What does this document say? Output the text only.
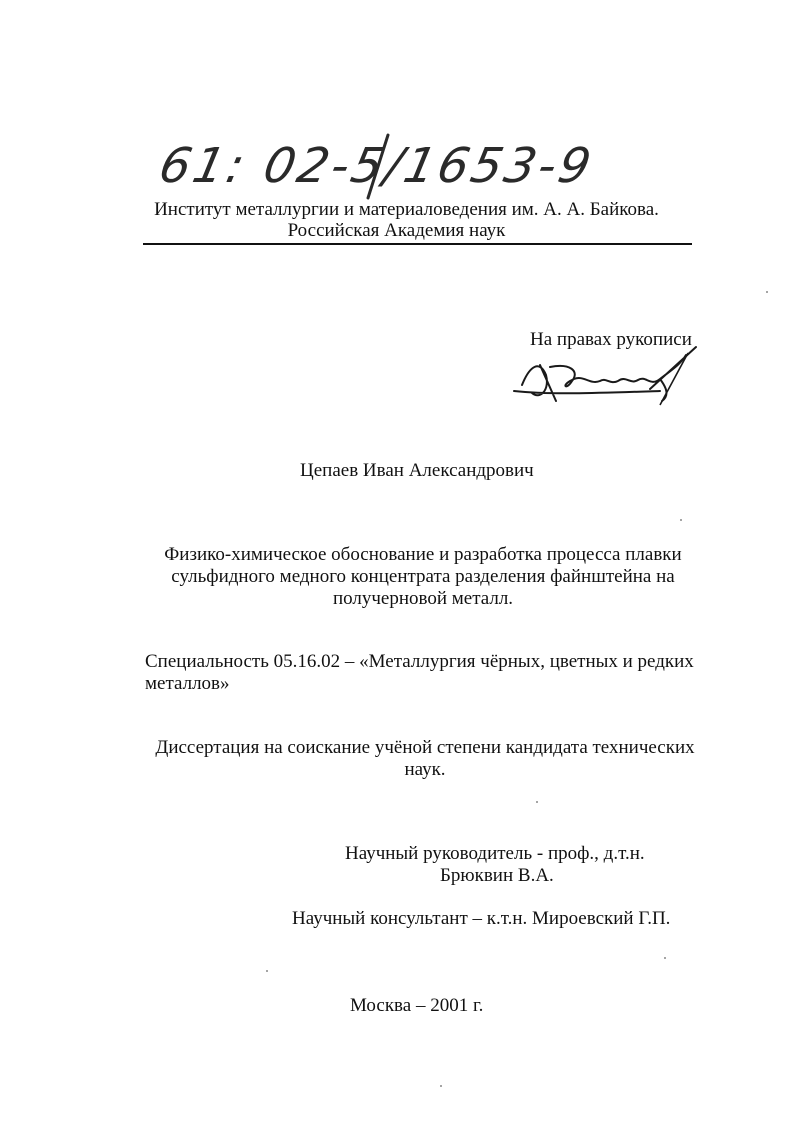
61: 02-5/1653-9
Институт металлургии и материаловедения им. А. А. Байкова.
Российская Академия наук
На правах рукописи
Цепаев Иван Александрович
Физико-химическое обоснование и разработка процесса плавки
сульфидного медного концентрата разделения файнштейна на
получерновой металл.
Специальность 05.16.02 – «Металлургия чёрных, цветных и редких
металлов»
Диссертация на соискание учёной степени кандидата технических
наук.
Научный руководитель - проф., д.т.н.
Брюквин В.А.
Научный консультант – к.т.н. Мироевский Г.П.
Москва – 2001 г.
